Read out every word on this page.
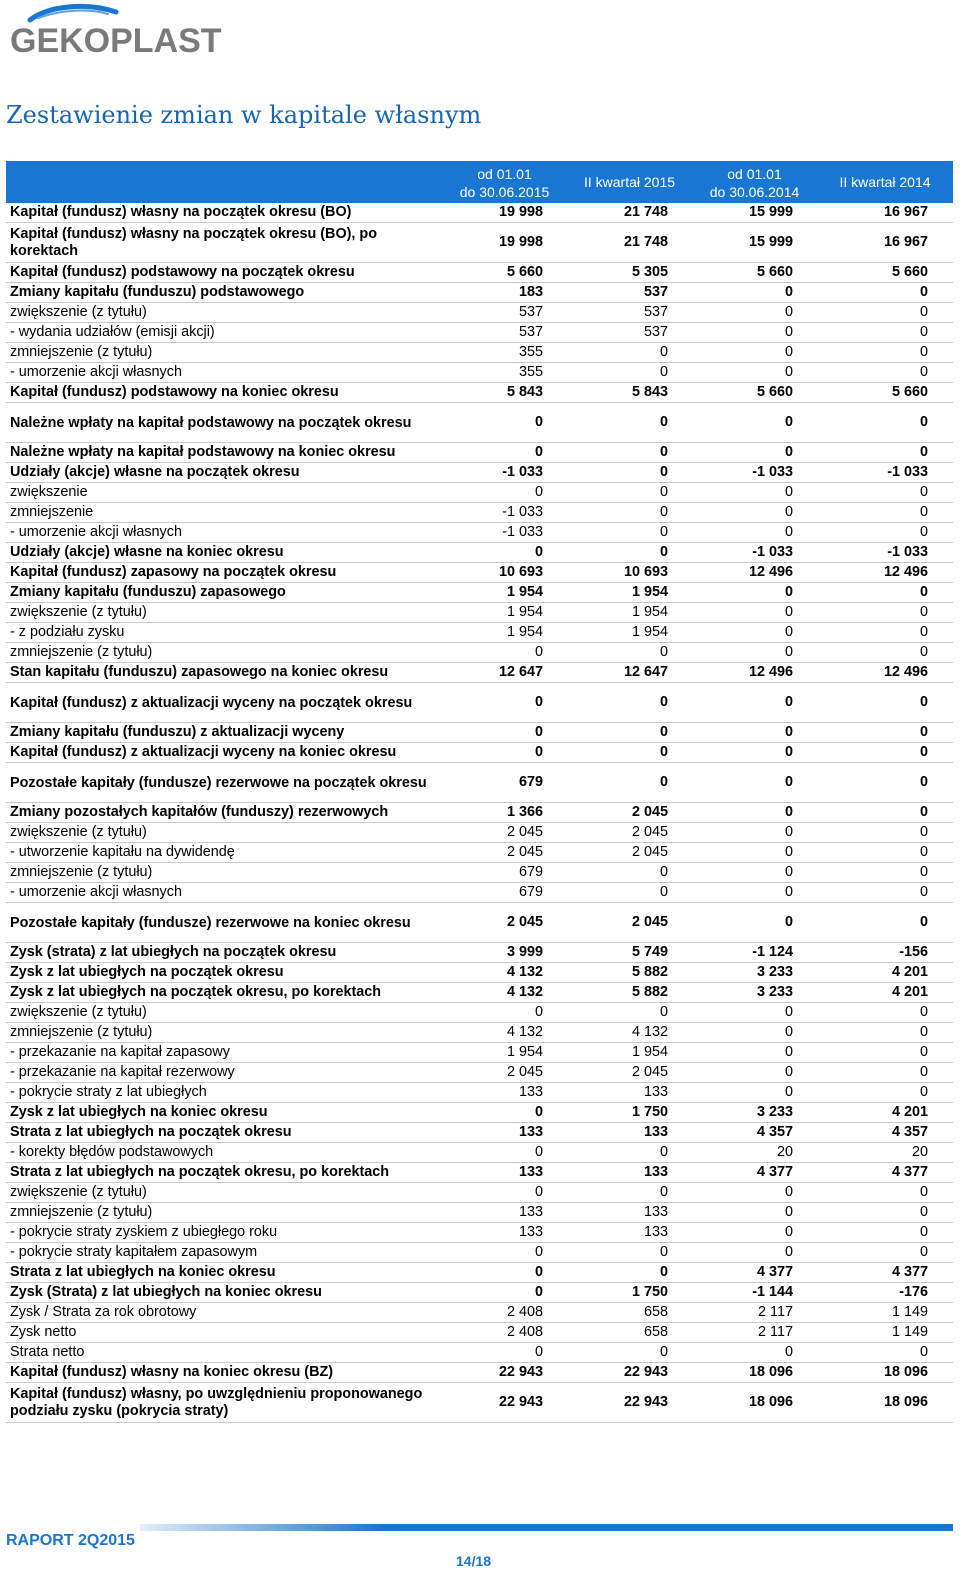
GEKOPLAST
Zestawienie zmian w kapitale własnym

	od 01.01
do 30.06.2015	II kwartał 2015	od 01.01
do 30.06.2014	II kwartał 2014
Kapitał (fundusz) własny na początek okresu (BO)	19 998	21 748	15 999	16 967
Kapitał (fundusz) własny na początek okresu (BO), po korektach	19 998	21 748	15 999	16 967
Kapitał (fundusz) podstawowy na początek okresu	5 660	5 305	5 660	5 660
Zmiany kapitału (funduszu) podstawowego	183	537	0	0
zwiększenie (z tytułu)	537	537	0	0
- wydania udziałów (emisji akcji)	537	537	0	0
zmniejszenie (z tytułu)	355	0	0	0
- umorzenie akcji własnych	355	0	0	0
Kapitał (fundusz) podstawowy na koniec okresu	5 843	5 843	5 660	5 660
Należne wpłaty na kapitał podstawowy na początek okresu	0	0	0	0
Należne wpłaty na kapitał podstawowy na koniec okresu	0	0	0	0
Udziały (akcje) własne na początek okresu	-1 033	0	-1 033	-1 033
zwiększenie	0	0	0	0
zmniejszenie	-1 033	0	0	0
- umorzenie akcji własnych	-1 033	0	0	0
Udziały (akcje) własne na koniec okresu	0	0	-1 033	-1 033
Kapitał (fundusz) zapasowy na początek okresu	10 693	10 693	12 496	12 496
Zmiany kapitału (funduszu) zapasowego	1 954	1 954	0	0
zwiększenie (z tytułu)	1 954	1 954	0	0
- z podziału zysku	1 954	1 954	0	0
zmniejszenie (z tytułu)	0	0	0	0
Stan kapitału (funduszu) zapasowego na koniec okresu	12 647	12 647	12 496	12 496
Kapitał (fundusz) z aktualizacji wyceny na początek okresu	0	0	0	0
Zmiany kapitału (funduszu) z aktualizacji wyceny	0	0	0	0
Kapitał (fundusz) z aktualizacji wyceny na koniec okresu	0	0	0	0
Pozostałe kapitały (fundusze) rezerwowe na początek okresu	679	0	0	0
Zmiany pozostałych kapitałów (funduszy) rezerwowych	1 366	2 045	0	0
zwiększenie (z tytułu)	2 045	2 045	0	0
- utworzenie kapitału na dywidendę	2 045	2 045	0	0
zmniejszenie (z tytułu)	679	0	0	0
- umorzenie akcji własnych	679	0	0	0
Pozostałe kapitały (fundusze) rezerwowe na koniec okresu	2 045	2 045	0	0
Zysk (strata) z lat ubiegłych na początek okresu	3 999	5 749	-1 124	-156
Zysk z lat ubiegłych na początek okresu	4 132	5 882	3 233	4 201
Zysk z lat ubiegłych na początek okresu, po korektach	4 132	5 882	3 233	4 201
zwiększenie (z tytułu)	0	0	0	0
zmniejszenie (z tytułu)	4 132	4 132	0	0
- przekazanie na kapitał zapasowy	1 954	1 954	0	0
- przekazanie na kapitał rezerwowy	2 045	2 045	0	0
- pokrycie straty z lat ubiegłych	133	133	0	0
Zysk z lat ubiegłych na koniec okresu	0	1 750	3 233	4 201
Strata z lat ubiegłych na początek okresu	133	133	4 357	4 357
- korekty błędów podstawowych	0	0	20	20
Strata z lat ubiegłych na początek okresu, po korektach	133	133	4 377	4 377
zwiększenie (z tytułu)	0	0	0	0
zmniejszenie (z tytułu)	133	133	0	0
- pokrycie straty zyskiem z ubiegłego roku	133	133	0	0
- pokrycie straty kapitałem zapasowym	0	0	0	0
Strata z lat ubiegłych na koniec okresu	0	0	4 377	4 377
Zysk (Strata) z lat ubiegłych na koniec okresu	0	1 750	-1 144	-176
Zysk / Strata za rok obrotowy	2 408	658	2 117	1 149
Zysk netto	2 408	658	2 117	1 149
Strata netto	0	0	0	0
Kapitał (fundusz) własny na koniec okresu (BZ)	22 943	22 943	18 096	18 096
Kapitał (fundusz) własny, po uwzględnieniu proponowanego podziału zysku (pokrycia straty)	22 943	22 943	18 096	18 096
RAPORT 2Q2015
14/18
